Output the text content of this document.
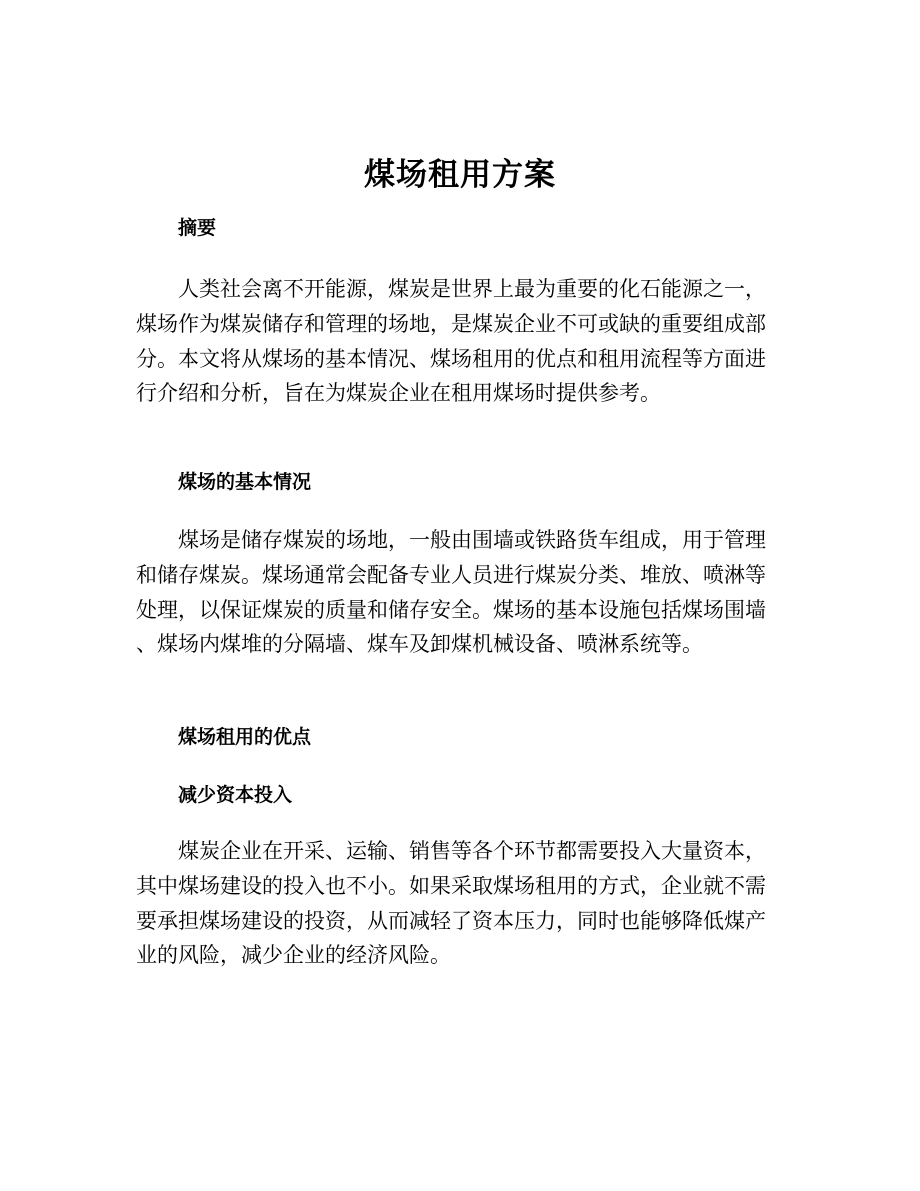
煤场租用方案
摘要
人类社会离不开能源，煤炭是世界上最为重要的化石能源之一，
煤场作为煤炭储存和管理的场地，是煤炭企业不可或缺的重要组成部
分。本文将从煤场的基本情况、煤场租用的优点和租用流程等方面进
行介绍和分析，旨在为煤炭企业在租用煤场时提供参考。
煤场的基本情况
煤场是储存煤炭的场地，一般由围墙或铁路货车组成，用于管理
和储存煤炭。煤场通常会配备专业人员进行煤炭分类、堆放、喷淋等
处理，以保证煤炭的质量和储存安全。煤场的基本设施包括煤场围墙
、煤场内煤堆的分隔墙、煤车及卸煤机械设备、喷淋系统等。
煤场租用的优点
减少资本投入
煤炭企业在开采、运输、销售等各个环节都需要投入大量资本，
其中煤场建设的投入也不小。如果采取煤场租用的方式，企业就不需
要承担煤场建设的投资，从而减轻了资本压力，同时也能够降低煤产
业的风险，减少企业的经济风险。
